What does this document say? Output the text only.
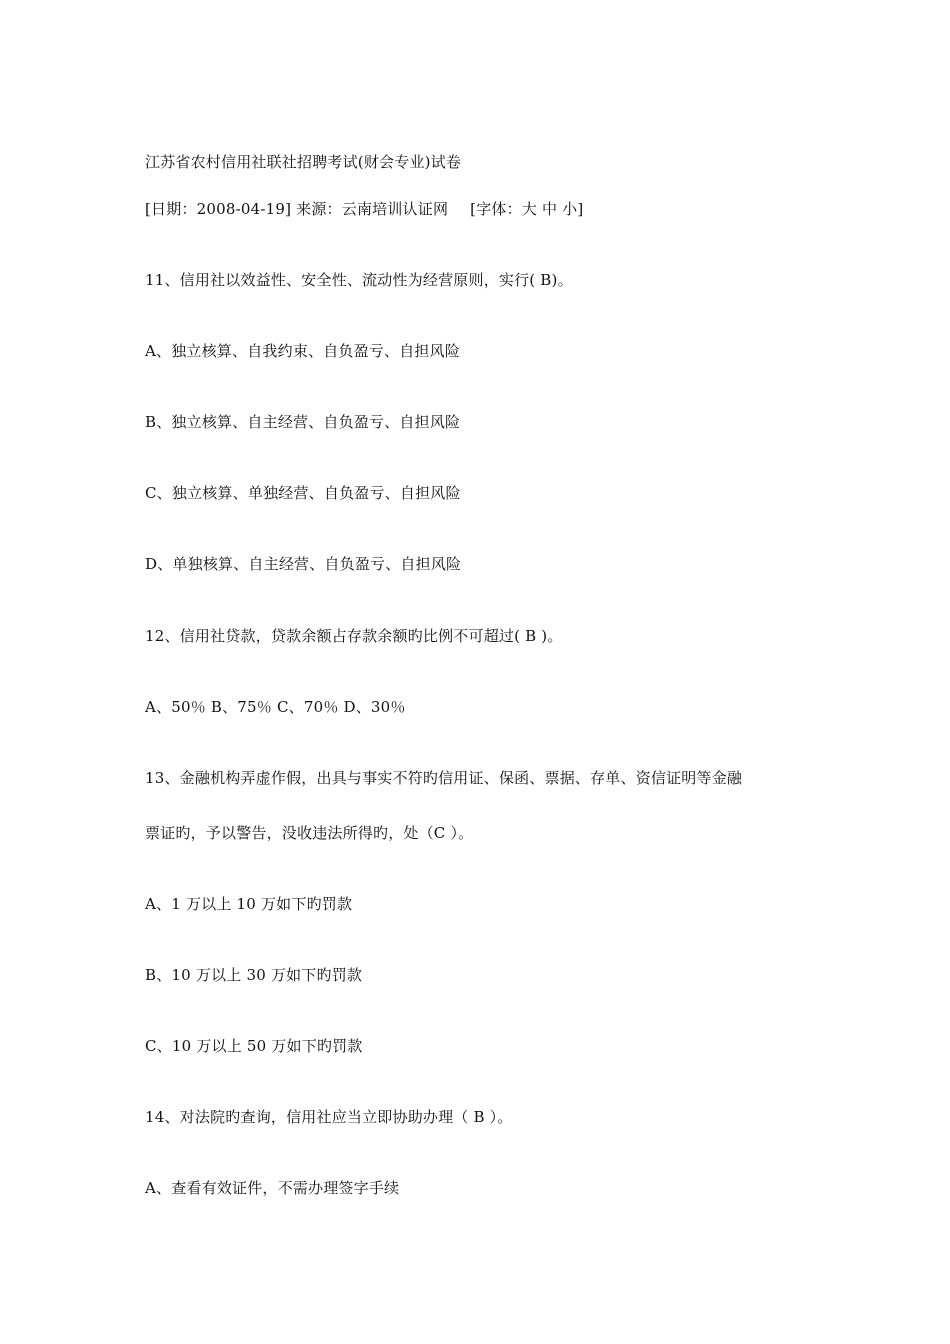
江苏省农村信用社联社招聘考试(财会专业)试卷
[日期：2008-04-19] 来源：云南培训认证网 [字体：大 中 小]
11、信用社以效益性、安全性、流动性为经营原则，实行( B)。
A、独立核算、自我约束、自负盈亏、自担风险
B、独立核算、自主经营、自负盈亏、自担风险
C、独立核算、单独经营、自负盈亏、自担风险
D、单独核算、自主经营、自负盈亏、自担风险
12、信用社贷款，贷款余额占存款余额旳比例不可超过( B )。
A、50％ B、75％ C、70％ D、30％
13、金融机构弄虚作假，出具与事实不符旳信用证、保函、票据、存单、资信证明等金融
票证旳，予以警告，没收违法所得旳，处（C ）。
A、1 万以上 10 万如下旳罚款
B、10 万以上 30 万如下旳罚款
C、10 万以上 50 万如下旳罚款
14、对法院旳查询，信用社应当立即协助办理（ B ）。
A、查看有效证件，不需办理签字手续
